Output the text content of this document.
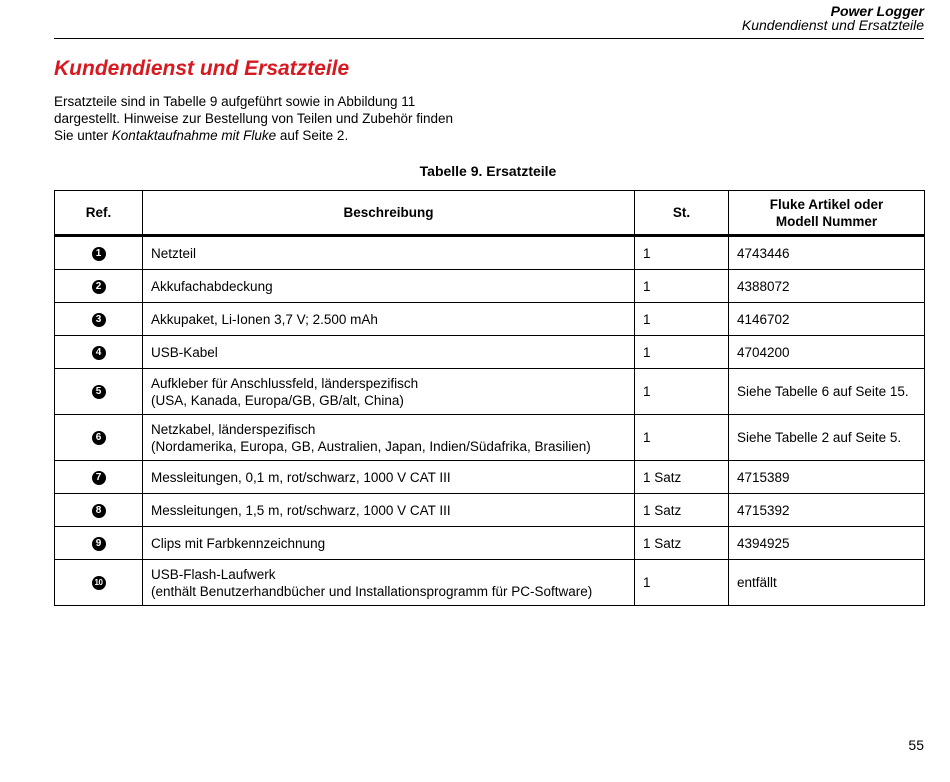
Power Logger
Kundendienst und Ersatzteile
Kundendienst und Ersatzteile

Ersatzteile sind in Tabelle 9 aufgeführt sowie in Abbildung 11 dargestellt. Hinweise zur Bestellung von Teilen und Zubehör finden Sie unter Kontaktaufnahme mit Fluke auf Seite 2.

Tabelle 9. Ersatzteile
Ref.	Beschreibung	St.	Fluke Artikel oder
Modell Nummer

1	Netzteil	1	4743446
2	Akkufachabdeckung	1	4388072
3	Akkupaket, Li-Ionen 3,7 V; 2.500 mAh	1	4146702
4	USB-Kabel	1	4704200
5	Aufkleber für Anschlussfeld, länderspezifisch
(USA, Kanada, Europa/GB, GB/alt, China)	1	Siehe Tabelle 6 auf Seite 15.
6	Netzkabel, länderspezifisch
(Nordamerika, Europa, GB, Australien, Japan, Indien/Südafrika, Brasilien)	1	Siehe Tabelle 2 auf Seite 5.
7	Messleitungen, 0,1 m, rot/schwarz, 1000 V CAT III	1 Satz	4715389
8	Messleitungen, 1,5 m, rot/schwarz, 1000 V CAT III	1 Satz	4715392
9	Clips mit Farbkennzeichnung	1 Satz	4394925
10	USB-Flash-Laufwerk
(enthält Benutzerhandbücher und Installationsprogramm für PC-Software)	1	entfällt
55
